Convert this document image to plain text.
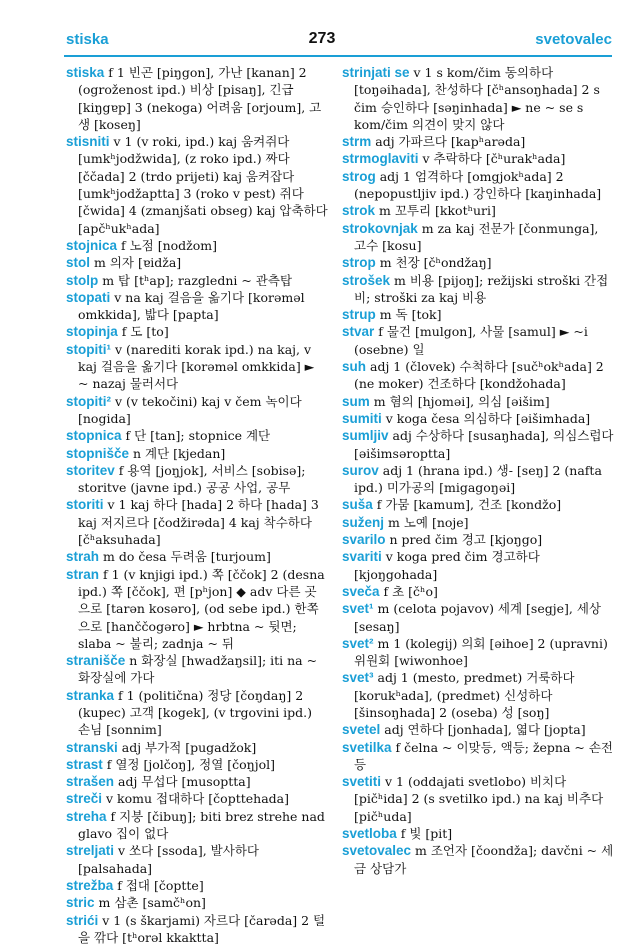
stiska	273	svetovalec
stiska f 1 빈곤 [piŋgon], 가난 [kanan] 2 (ogroženost ipd.) 비상 [pisaŋ], 긴급 [kiŋgɐp] 3 (nekoga) 어려움 [orjoum], 고생 [koseŋ]
stisniti v 1 (v roki, ipd.) kaj 움켜쥐다 [umkʰjodžwida], (z roko ipd.) 짜다 [ččada] 2 (trdo prijeti) kaj 움켜잡다 [umkʰjodžaptta] 3 (roko v pest) 쥐다 [čwida] 4 (zmanjšati obseg) kaj 압축하다 [apčʰukʰada]
stojnica f 노점 [nodžom]
stol m 의자 [ɐidža]
stolp m 탑 [tʰap]; razgledni ~ 관측탑
stopati v na kaj 걸음을 옮기다 [korəməl omkkida], 밟다 [papta]
stopinja f 도 [to]
stopiti¹ v (narediti korak ipd.) na kaj, v kaj 걸음을 옮기다 [korəməl omkkida] ► ~ nazaj 물러서다
stopiti² v (v tekočini) kaj v čem 녹이다 [nogida]
stopnica f 단 [tan]; stopnice 계단
stopnišče n 계단 [kjedan]
storitev f 용역 [joŋjok], 서비스 [sobisə]; storitve (javne ipd.) 공공 사업, 공무
storiti v 1 kaj 하다 [hada] 2 하다 [hada] 3 kaj 저지르다 [čodžirəda] 4 kaj 착수하다 [čʰaksuhada]
strah m do česa 두려움 [turjoum]
stran f 1 (v knjigi ipd.) 쪽 [ččok] 2 (desna ipd.) 쪽 [ččok], 편 [pʰjon] ◆ adv 다른 곳으로 [tarən kosəro], (od sebe ipd.) 한쪽으로 [hanččogəro] ► hrbtna ~ 뒷면; slaba ~ 불리; zadnja ~ 뒤
stranišče n 화장실 [hwadžaŋsil]; iti na ~ 화장실에 가다
stranka f 1 (politična) 정당 [čoŋdaŋ] 2 (kupec) 고객 [kogek], (v trgovini ipd.) 손님 [sonnim]
stranski adj 부가적 [pugadžok]
strast f 열정 [jolčoŋ], 정열 [čoŋjol]
strašen adj 무섭다 [musoptta]
streči v komu 접대하다 [čopttehada]
streha f 지붕 [čibuŋ]; biti brez strehe nad glavo 집이 없다
streljati v 쏘다 [ssoda], 발사하다 [palsahada]
strežba f 접대 [čoptte]
stric m 삼촌 [samčʰon]
strići v 1 (s škarjami) 자르다 [čarəda] 2 털을 깎다 [tʰorəl kkaktta]
strinjati se v 1 s kom/čim 동의하다 [toŋəihada], 찬성하다 [čʰansoŋhada] 2 s čim 승인하다 [səŋinhada] ► ne ~ se s kom/čim 의견이 맞지 않다
strm adj 가파르다 [kapʰarəda]
strmoglaviti v 추락하다 [čʰurakʰada]
strog adj 1 엄격하다 [omgjokʰada] 2 (nepopustljiv ipd.) 강인하다 [kaŋinhada]
strok m 꼬투리 [kkotʰuri]
strokovnjak m za kaj 전문가 [čonmunga], 고수 [kosu]
strop m 천장 [čʰondžaŋ]
strošek m 비용 [pijoŋ]; režijski stroški 간접비; stroški za kaj 비용
strup m 독 [tok]
stvar f 물건 [mulgon], 사물 [samul] ► ~i (osebne) 일
suh adj 1 (človek) 수척하다 [sučʰokʰada] 2 (ne moker) 건조하다 [kondžohada]
sum m 혐의 [hjoməi], 의심 [əišim]
sumiti v koga česa 의심하다 [əišimhada]
sumljiv adj 수상하다 [susaŋhada], 의심스럽다 [əišimsəroptta]
surov adj 1 (hrana ipd.) 생- [seŋ] 2 (nafta ipd.) 미가공의 [migagoŋəi]
suša f 가뭄 [kamum], 건조 [kondžo]
suženj m 노예 [noje]
svarilo n pred čim 경고 [kjoŋgo]
svariti v koga pred čim 경고하다 [kjoŋgohada]
sveča f 초 [čʰo]
svet¹ m (celota pojavov) 세계 [segje], 세상 [sesaŋ]
svet² m 1 (kolegij) 의회 [əihoe] 2 (upravni) 위원회 [wiwonhoe]
svet³ adj 1 (mesto, predmet) 거룩하다 [korukʰada], (predmet) 신성하다 [šinsoŋhada] 2 (oseba) 성 [soŋ]
svetel adj 연하다 [jonhada], 엷다 [jopta]
svetilka f čelna ~ 이맞등, 액등; žepna ~ 손전등
svetiti v 1 (oddajati svetlobo) 비치다 [pičʰida] 2 (s svetilko ipd.) na kaj 비추다 [pičʰuda]
svetloba f 빛 [pit]
svetovalec m 조언자 [čoondža]; davčni ~ 세금 상담가
